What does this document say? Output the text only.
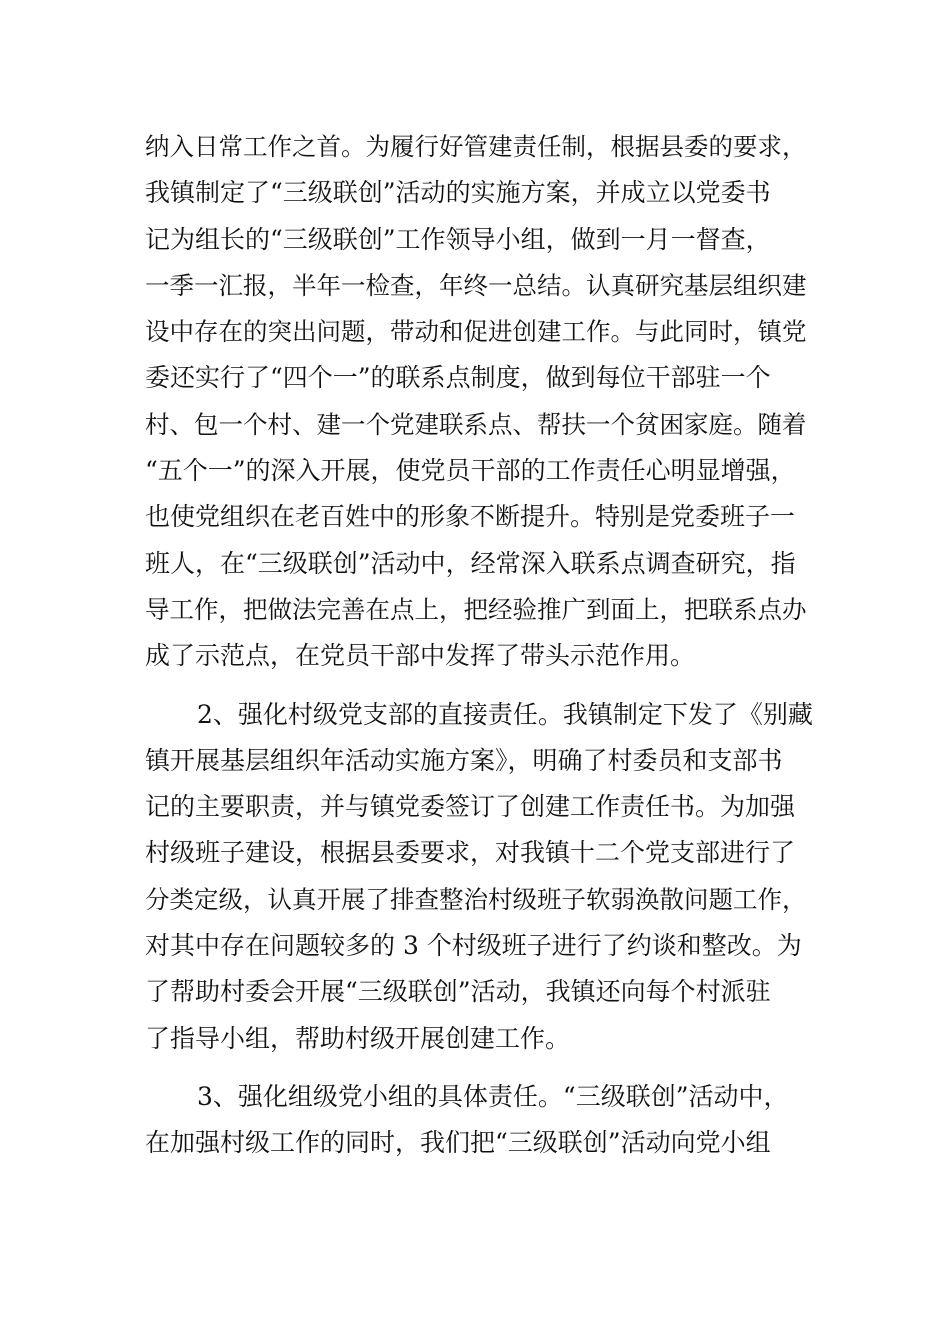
纳入日常工作之首。为履行好管建责任制，根据县委的要求，
我镇制定了“三级联创”活动的实施方案，并成立以党委书
记为组长的“三级联创”工作领导小组，做到一月一督查，
一季一汇报，半年一检查，年终一总结。认真研究基层组织建
设中存在的突出问题，带动和促进创建工作。与此同时，镇党
委还实行了“四个一”的联系点制度，做到每位干部驻一个
村、包一个村、建一个党建联系点、帮扶一个贫困家庭。随着
“五个一”的深入开展，使党员干部的工作责任心明显增强，
也使党组织在老百姓中的形象不断提升。特别是党委班子一
班人，在“三级联创”活动中，经常深入联系点调查研究，指
导工作，把做法完善在点上，把经验推广到面上，把联系点办
成了示范点，在党员干部中发挥了带头示范作用。
2、强化村级党支部的直接责任。我镇制定下发了《别藏
镇开展基层组织年活动实施方案》，明确了村委员和支部书
记的主要职责，并与镇党委签订了创建工作责任书。为加强
村级班子建设，根据县委要求，对我镇十二个党支部进行了
分类定级，认真开展了排查整治村级班子软弱涣散问题工作，
对其中存在问题较多的 3 个村级班子进行了约谈和整改。为
了帮助村委会开展“三级联创”活动，我镇还向每个村派驻
了指导小组，帮助村级开展创建工作。
3、强化组级党小组的具体责任。“三级联创”活动中，
在加强村级工作的同时，我们把“三级联创”活动向党小组
